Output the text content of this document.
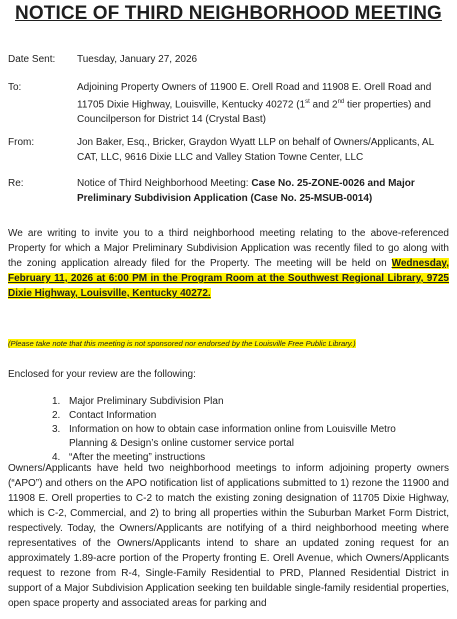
NOTICE OF THIRD NEIGHBORHOOD MEETING
Date Sent: Tuesday, January 27, 2026
To:	Adjoining Property Owners of 11900 E. Orell Road and 11908 E. Orell Road and 11705 Dixie Highway, Louisville, Kentucky 40272 (1st and 2nd tier properties) and Councilperson for District 14 (Crystal Bast)
From:	Jon Baker, Esq., Bricker, Graydon Wyatt LLP on behalf of Owners/Applicants, AL CAT, LLC, 9616 Dixie LLC and Valley Station Towne Center, LLC
Re:	Notice of Third Neighborhood Meeting: Case No. 25-ZONE-0026 and Major Preliminary Subdivision Application (Case No. 25-MSUB-0014)
We are writing to invite you to a third neighborhood meeting relating to the above-referenced Property for which a Major Preliminary Subdivision Application was recently filed to go along with the zoning application already filed for the Property. The meeting will be held on Wednesday, February 11, 2026 at 6:00 PM in the Program Room at the Southwest Regional Library, 9725 Dixie Highway, Louisville, Kentucky 40272.
(Please take note that this meeting is not sponsored nor endorsed by the Louisville Free Public Library.)
Enclosed for your review are the following:
1. Major Preliminary Subdivision Plan
2. Contact Information
3. Information on how to obtain case information online from Louisville Metro Planning & Design’s online customer service portal
4. “After the meeting” instructions
Owners/Applicants have held two neighborhood meetings to inform adjoining property owners (“APO”) and others on the APO notification list of applications submitted to 1) rezone the 11900 and 11908 E. Orell properties to C-2 to match the existing zoning designation of 11705 Dixie Highway, which is C-2, Commercial, and 2) to bring all properties within the Suburban Market Form District, respectively. Today, the Owners/Applicants are notifying of a third neighborhood meeting where representatives of the Owners/Applicants intend to share an updated zoning request for an approximately 1.89-acre portion of the Property fronting E. Orell Avenue, which Owners/Applicants request to rezone from R-4, Single-Family Residential to PRD, Planned Residential District in support of a Major Subdivision Application seeking ten buildable single-family residential properties, open space property and associated areas for parking and
